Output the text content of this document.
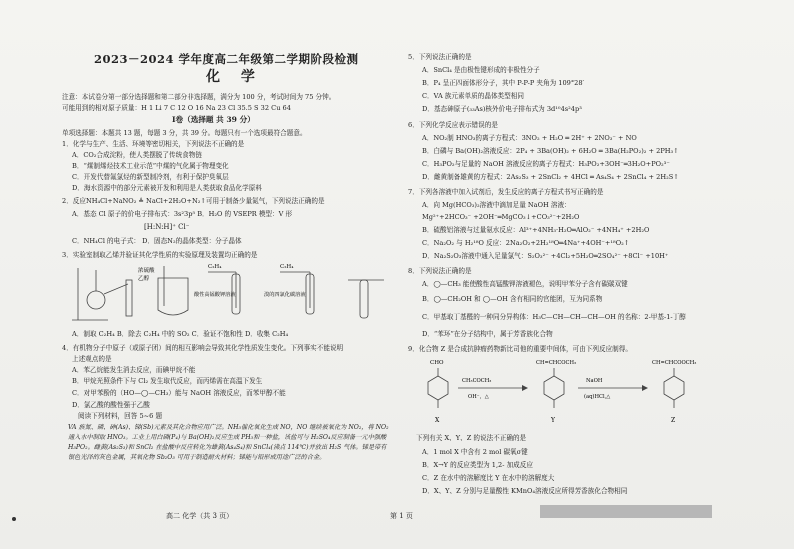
2023－2024 学年度高二年级第二学期阶段检测
化 学
注意：本试卷分第一部分选择题和第二部分非选择题，满分为 100 分，考试时间为 75 分钟。
可能用到的相对原子质量：H 1 Li 7 C 12 O 16 Na 23 Cl 35.5 S 32 Cu 64
Ⅰ卷（选择题 共 39 分）
单项选择题：本题共 13 题，每题 3 分，共 39 分。每题只有一个选项最符合题意。
1．化学与生产、生活、环境等密切相关，下列说法不正确的是
A．CO₂合成淀粉，使人类摆脱了传统食物链
B．“煤制烯烃技术工业示范”中煤的气化属于物理变化
C．开发代替氟氯烃的新型制冷剂，有利于保护臭氧层
D．海水资源中的部分元素被开发和利用是人类获取食品化学原料
2．反应NH₄Cl+NaNO₂ ≜ NaCl+2H₂O+N₂↑可用于制备少量氮气，下列说法正确的是
A．基态 Cl 原子的价电子排布式：3s²3p⁵ B．H₂O 的 VSEPR 模型：V 形
[H:N:H]⁺ Cl⁻
C．NH₄Cl 的电子式： D．固态N₂的晶体类型：分子晶体
3．实验室制取乙烯并验证其化学性质的实验原理及装置均正确的是
浓硫酸
乙醇
酸性高锰酸钾溶液	溴的四氯化碳溶液
C₂H₄	C₂H₄
A．制取 C₂H₄ B．除去 C₂H₄ 中的 SO₂ C．验证不饱和性 D．收集 C₂H₄
4．有机物分子中原子（或原子团）间的相互影响会导致其化学性质发生变化。下列事实不能说明
上述观点的是
A．苯乙烷能发生消去反应，而碘甲烷不能
B．甲烷光照条件下与 Cl₂ 发生取代反应，而丙烯需在高温下发生
C．对甲苯酚的（HO—◯—CH₃）能与 NaOH 溶液反应，而苯甲醇不能
D．氯乙酸的酸性强于乙酸
阅读下列材料，回答 5~6 题
VA 族氮、磷、砷(As)、锑(Sb)元素及其化合物应用广泛。NH₃催化氧化生成 NO，NO 继续被氧化为 NO₂，将 NO₂ 通入水中制取 HNO₃。工业上用白磷(P₄)与 Ba(OH)₂反应生成 PH₃和一种盐，该盐可与 H₂SO₄反应制备一元中强酸 H₃PO₂。雌黄(As₂S₃)和 SnCl₂ 在盐酸中反应转化为雄黄(As₄S₄)和 SnCl₄(沸点 114℃)并放出 H₂S 气体。锑是带有银色光泽的灰色金属，其氧化物 Sb₂O₃ 可用于制造耐火材料；锑能与铅形成用途广泛的合金。
5．下列说法正确的是
A．SnCl₄ 是由极性键形成的非极性分子
B．P₄ 呈正四面体形分子，其中 P-P-P 夹角为 109°28′
C．VA 族元素单质的晶体类型相同
D．基态砷原子(₃₃As)核外价电子排布式为 3d¹⁰4s²4p³
6．下列化学反应表示错误的是
A．NO₂制 HNO₃的离子方程式：3NO₂ + H₂O ═ 2H⁺ + 2NO₃⁻ + NO
B．白磷与 Ba(OH)₂溶液反应：2P₄ + 3Ba(OH)₂ + 6H₂O ═ 3Ba(H₂PO₂)₂ + 2PH₃↑
C．H₃PO₂与足量的 NaOH 溶液反应的离子方程式：H₃PO₂+3OH⁻═3H₂O+PO₂³⁻
D．雌黄制备雄黄的方程式：2As₂S₃ + 2SnCl₂ + 4HCl ═ As₄S₄ + 2SnCl₄ + 2H₂S↑
7．下列各溶液中加入试剂后，发生反应的离子方程式书写正确的是
A．向 Mg(HCO₃)₂溶液中滴加足量 NaOH 溶液：
Mg²⁺+2HCO₃⁻ +2OH⁻═MgCO₃↓+CO₃²⁻+2H₂O
B．硫酸铝溶液与过量氨水反应：Al³⁺+4NH₃·H₂O═AlO₂⁻ +4NH₄⁺ +2H₂O
C．Na₂O₂ 与 H₂¹⁸O 反应：2Na₂O₂+2H₂¹⁸O═4Na⁺+4OH⁻+¹⁸O₂↑
D．Na₂S₂O₃溶液中通入足量氯气：S₂O₃²⁻ +4Cl₂+5H₂O═2SO₄²⁻ +8Cl⁻ +10H⁺
8．下列说法正确的是
A．◯—CH₃ 能使酸性高锰酸钾溶液褪色，说明甲苯分子含有碳碳双键
B．◯—CH₂OH 和 ◯—OH 含有相同的官能团，互为同系物
C．甲基取丁基醛的一种同分异构体：H₃C—CH—CH—CH—OH 的名称：2-甲基-1-丁醇
D．“苯环”在分子结构中，属于芳香族化合物
9．化合物 Z 是合成抗肿瘤药物新比司他的重要中间体，可由下列反应制得。
CHO
X
CH₃COCH₃
OH⁻，△
CH=CHCOCH₃
Y
NaOH
(aq)HCl,△
CH=CHCOOCH₃
Z
下列有关 X、Y、Z 的说法不正确的是
A．1 mol X 中含有 2 mol 碳氧σ键
B．X→Y 的反应类型为 1,2- 加成反应
C．Z 在水中的溶解度比 Y 在水中的溶解度大
D．X、Y、Z 分别与足量酸性 KMnO₄溶液反应所得芳香族化合物相同
高二 化学（共 3 页）	第 1 页
